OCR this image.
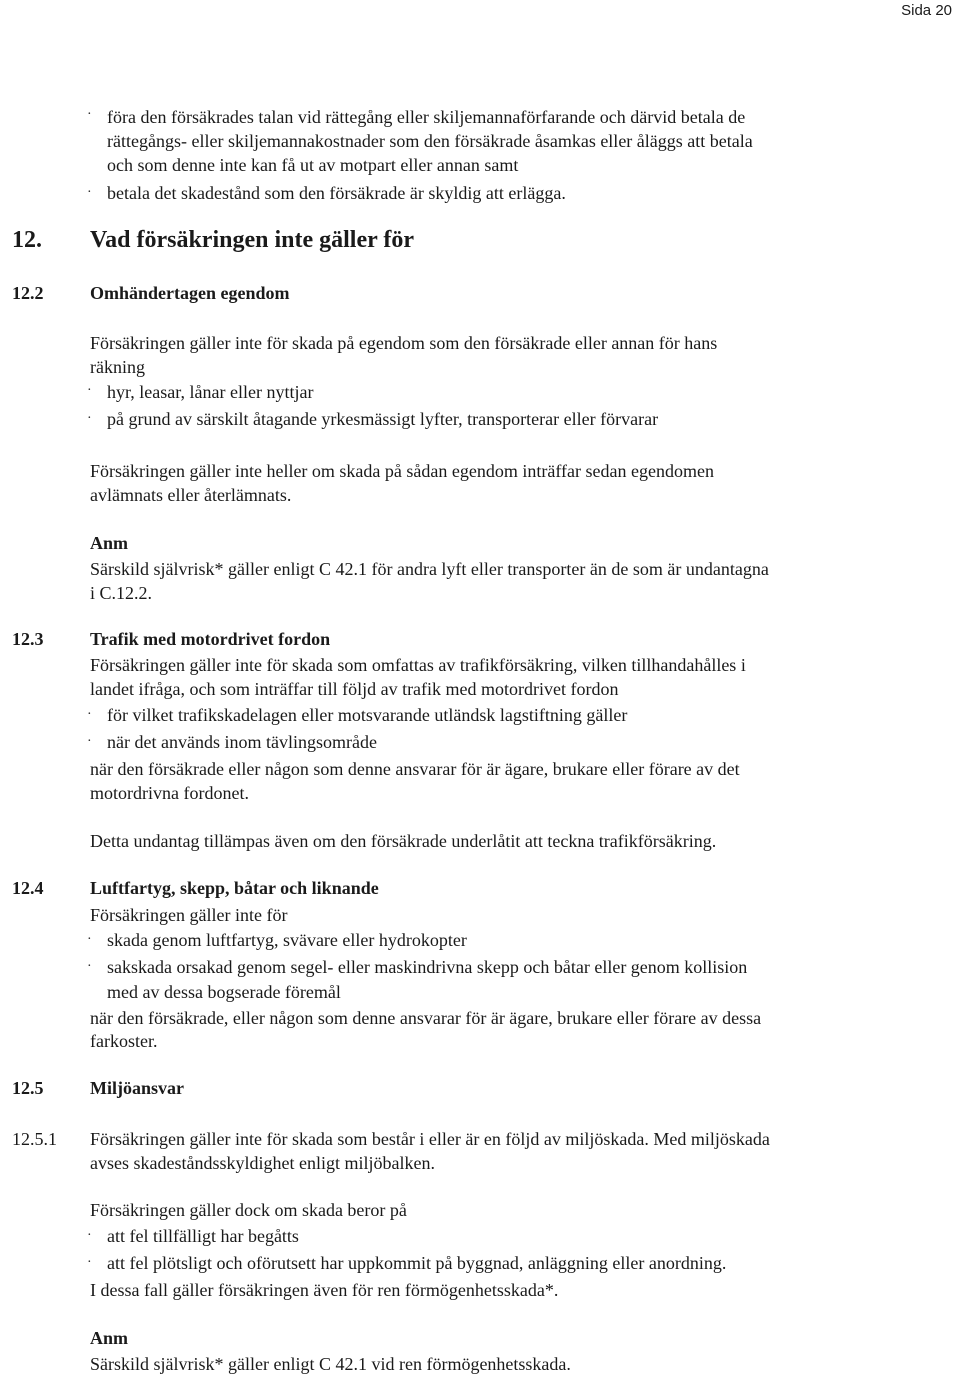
Sida 20
· föra den försäkrades talan vid rättegång eller skiljemannaförfarande och därvid betala de
rättegångs- eller skiljemannakostnader som den försäkrade åsamkas eller åläggs att betala
och som denne inte kan få ut av motpart eller annan samt
· betala det skadestånd som den försäkrade är skyldig att erlägga.
12. Vad försäkringen inte gäller för
12.2	Omhändertagen egendom
Försäkringen gäller inte för skada på egendom som den försäkrade eller annan för hans
räkning
· hyr, leasar, lånar eller nyttjar
· på grund av särskilt åtagande yrkesmässigt lyfter, transporterar eller förvarar
Försäkringen gäller inte heller om skada på sådan egendom inträffar sedan egendomen
avlämnats eller återlämnats.
Anm
Särskild självrisk* gäller enligt C 42.1 för andra lyft eller transporter än de som är undantagna
i C.12.2.
12.3	Trafik med motordrivet fordon
Försäkringen gäller inte för skada som omfattas av trafikförsäkring, vilken tillhandahålles i
landet ifråga, och som inträffar till följd av trafik med motordrivet fordon
· för vilket trafikskadelagen eller motsvarande utländsk lagstiftning gäller
· när det används inom tävlingsområde
när den försäkrade eller någon som denne ansvarar för är ägare, brukare eller förare av det
motordrivna fordonet.
Detta undantag tillämpas även om den försäkrade underlåtit att teckna trafikförsäkring.
12.4	Luftfartyg, skepp, båtar och liknande
Försäkringen gäller inte för
· skada genom luftfartyg, svävare eller hydrokopter
· sakskada orsakad genom segel- eller maskindrivna skepp och båtar eller genom kollision
med av dessa bogserade föremål
när den försäkrade, eller någon som denne ansvarar för är ägare, brukare eller förare av dessa
farkoster.
12.5	Miljöansvar
12.5.1 Försäkringen gäller inte för skada som består i eller är en följd av miljöskada. Med miljöskada
avses skadeståndsskyldighet enligt miljöbalken.
Försäkringen gäller dock om skada beror på
· att fel tillfälligt har begåtts
· att fel plötsligt och oförutsett har uppkommit på byggnad, anläggning eller anordning.
I dessa fall gäller försäkringen även för ren förmögenhetsskada*.
Anm
Särskild självrisk* gäller enligt C 42.1 vid ren förmögenhetsskada.
